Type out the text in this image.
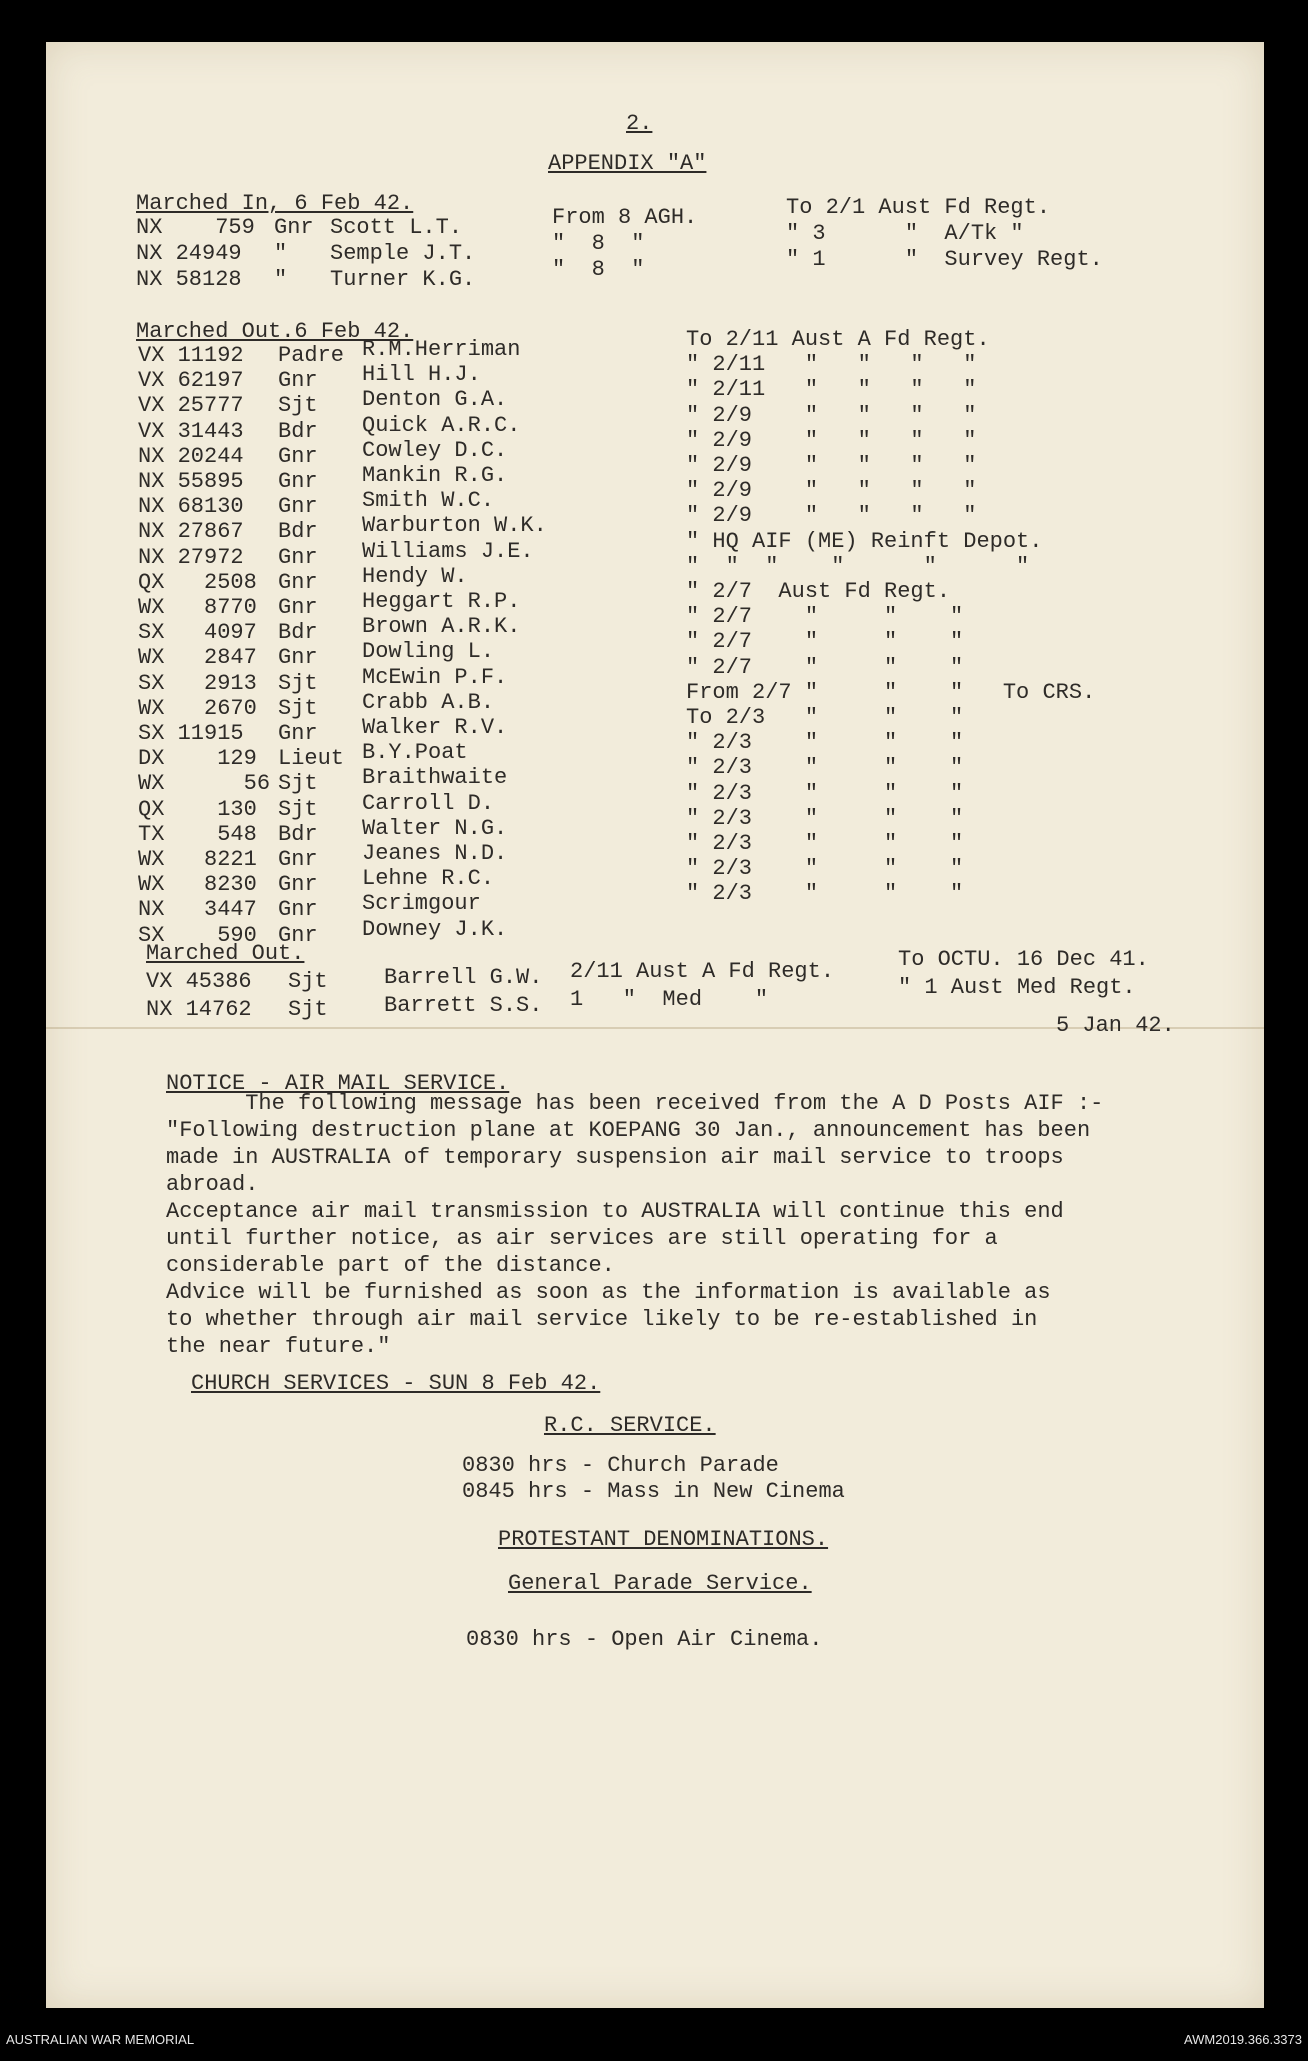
2.
APPENDIX "A"
Marched In, 6 Feb 42.
NX    759 Gnr Scott L.T.	From 8 AGH.	To 2/1 Aust Fd Regt.
NX 24949 " Semple J.T.	"  8  "	" 3      "  A/Tk "
NX 58128 " Turner K.G.	"  8  "	" 1      "  Survey Regt.
Marched Out.6 Feb 42.
VX 11192 Padre R.M.Herriman	To 2/11 Aust A Fd Regt.
VX 62197 Gnr Hill H.J.	" 2/11   "   "   "   "
VX 25777 Sjt Denton G.A.	" 2/11   "   "   "   "
VX 31443 Bdr Quick A.R.C.	" 2/9    "   "   "   "
NX 20244 Gnr Cowley D.C.	" 2/9    "   "   "   "
NX 55895 Gnr Mankin R.G.	" 2/9    "   "   "   "
NX 68130 Gnr Smith W.C.	" 2/9    "   "   "   "
NX 27867 Bdr Warburton W.K.	" 2/9    "   "   "   "
NX 27972 Gnr Williams J.E.	" HQ AIF (ME) Reinft Depot.
QX   2508 Gnr Hendy W.	"  "  "    "      "      "
WX   8770 Gnr Heggart R.P.	" 2/7  Aust Fd Regt.
SX   4097 Bdr Brown A.R.K.	" 2/7    "     "    "
WX   2847 Gnr Dowling L.	" 2/7    "     "    "
SX   2913 Sjt McEwin P.F.	" 2/7    "     "    "
WX   2670 Sjt Crabb A.B.	From 2/7 "     "    "   To CRS.
SX 11915 Gnr Walker R.V.	To 2/3   "     "    "
DX    129 Lieut B.Y.Poat	" 2/3    "     "    "
WX      56 Sjt Braithwaite	" 2/3    "     "    "
QX    130 Sjt Carroll D.	" 2/3    "     "    "
TX    548 Bdr Walter N.G.	" 2/3    "     "    "
WX   8221 Gnr Jeanes N.D.	" 2/3    "     "    "
WX   8230 Gnr Lehne R.C.	" 2/3    "     "    "
NX   3447 Gnr Scrimgour	" 2/3    "     "    "
SX    590 Gnr Downey J.K.
Marched Out.
VX 45386 Sjt	Barrell G.W. 2/11 Aust A Fd Regt.	To OCTU. 16 Dec 41.
NX 14762 Sjt	Barrett S.S. 1   "  Med    "	" 1 Aust Med Regt.
5 Jan 42.
NOTICE - AIR MAIL SERVICE.
The following message has been received from the A D Posts AIF :-
"Following destruction plane at KOEPANG 30 Jan., announcement has been
made in AUSTRALIA of temporary suspension air mail service to troops
abroad.
Acceptance air mail transmission to AUSTRALIA will continue this end
until further notice, as air services are still operating for a
considerable part of the distance.
Advice will be furnished as soon as the information is available as
to whether through air mail service likely to be re-established in
the near future."
CHURCH SERVICES - SUN 8 Feb 42.
R.C. SERVICE.
0830 hrs - Church Parade
0845 hrs - Mass in New Cinema
PROTESTANT DENOMINATIONS.
General Parade Service.
0830 hrs - Open Air Cinema.
AUSTRALIAN WAR MEMORIAL	AWM2019.366.3373
